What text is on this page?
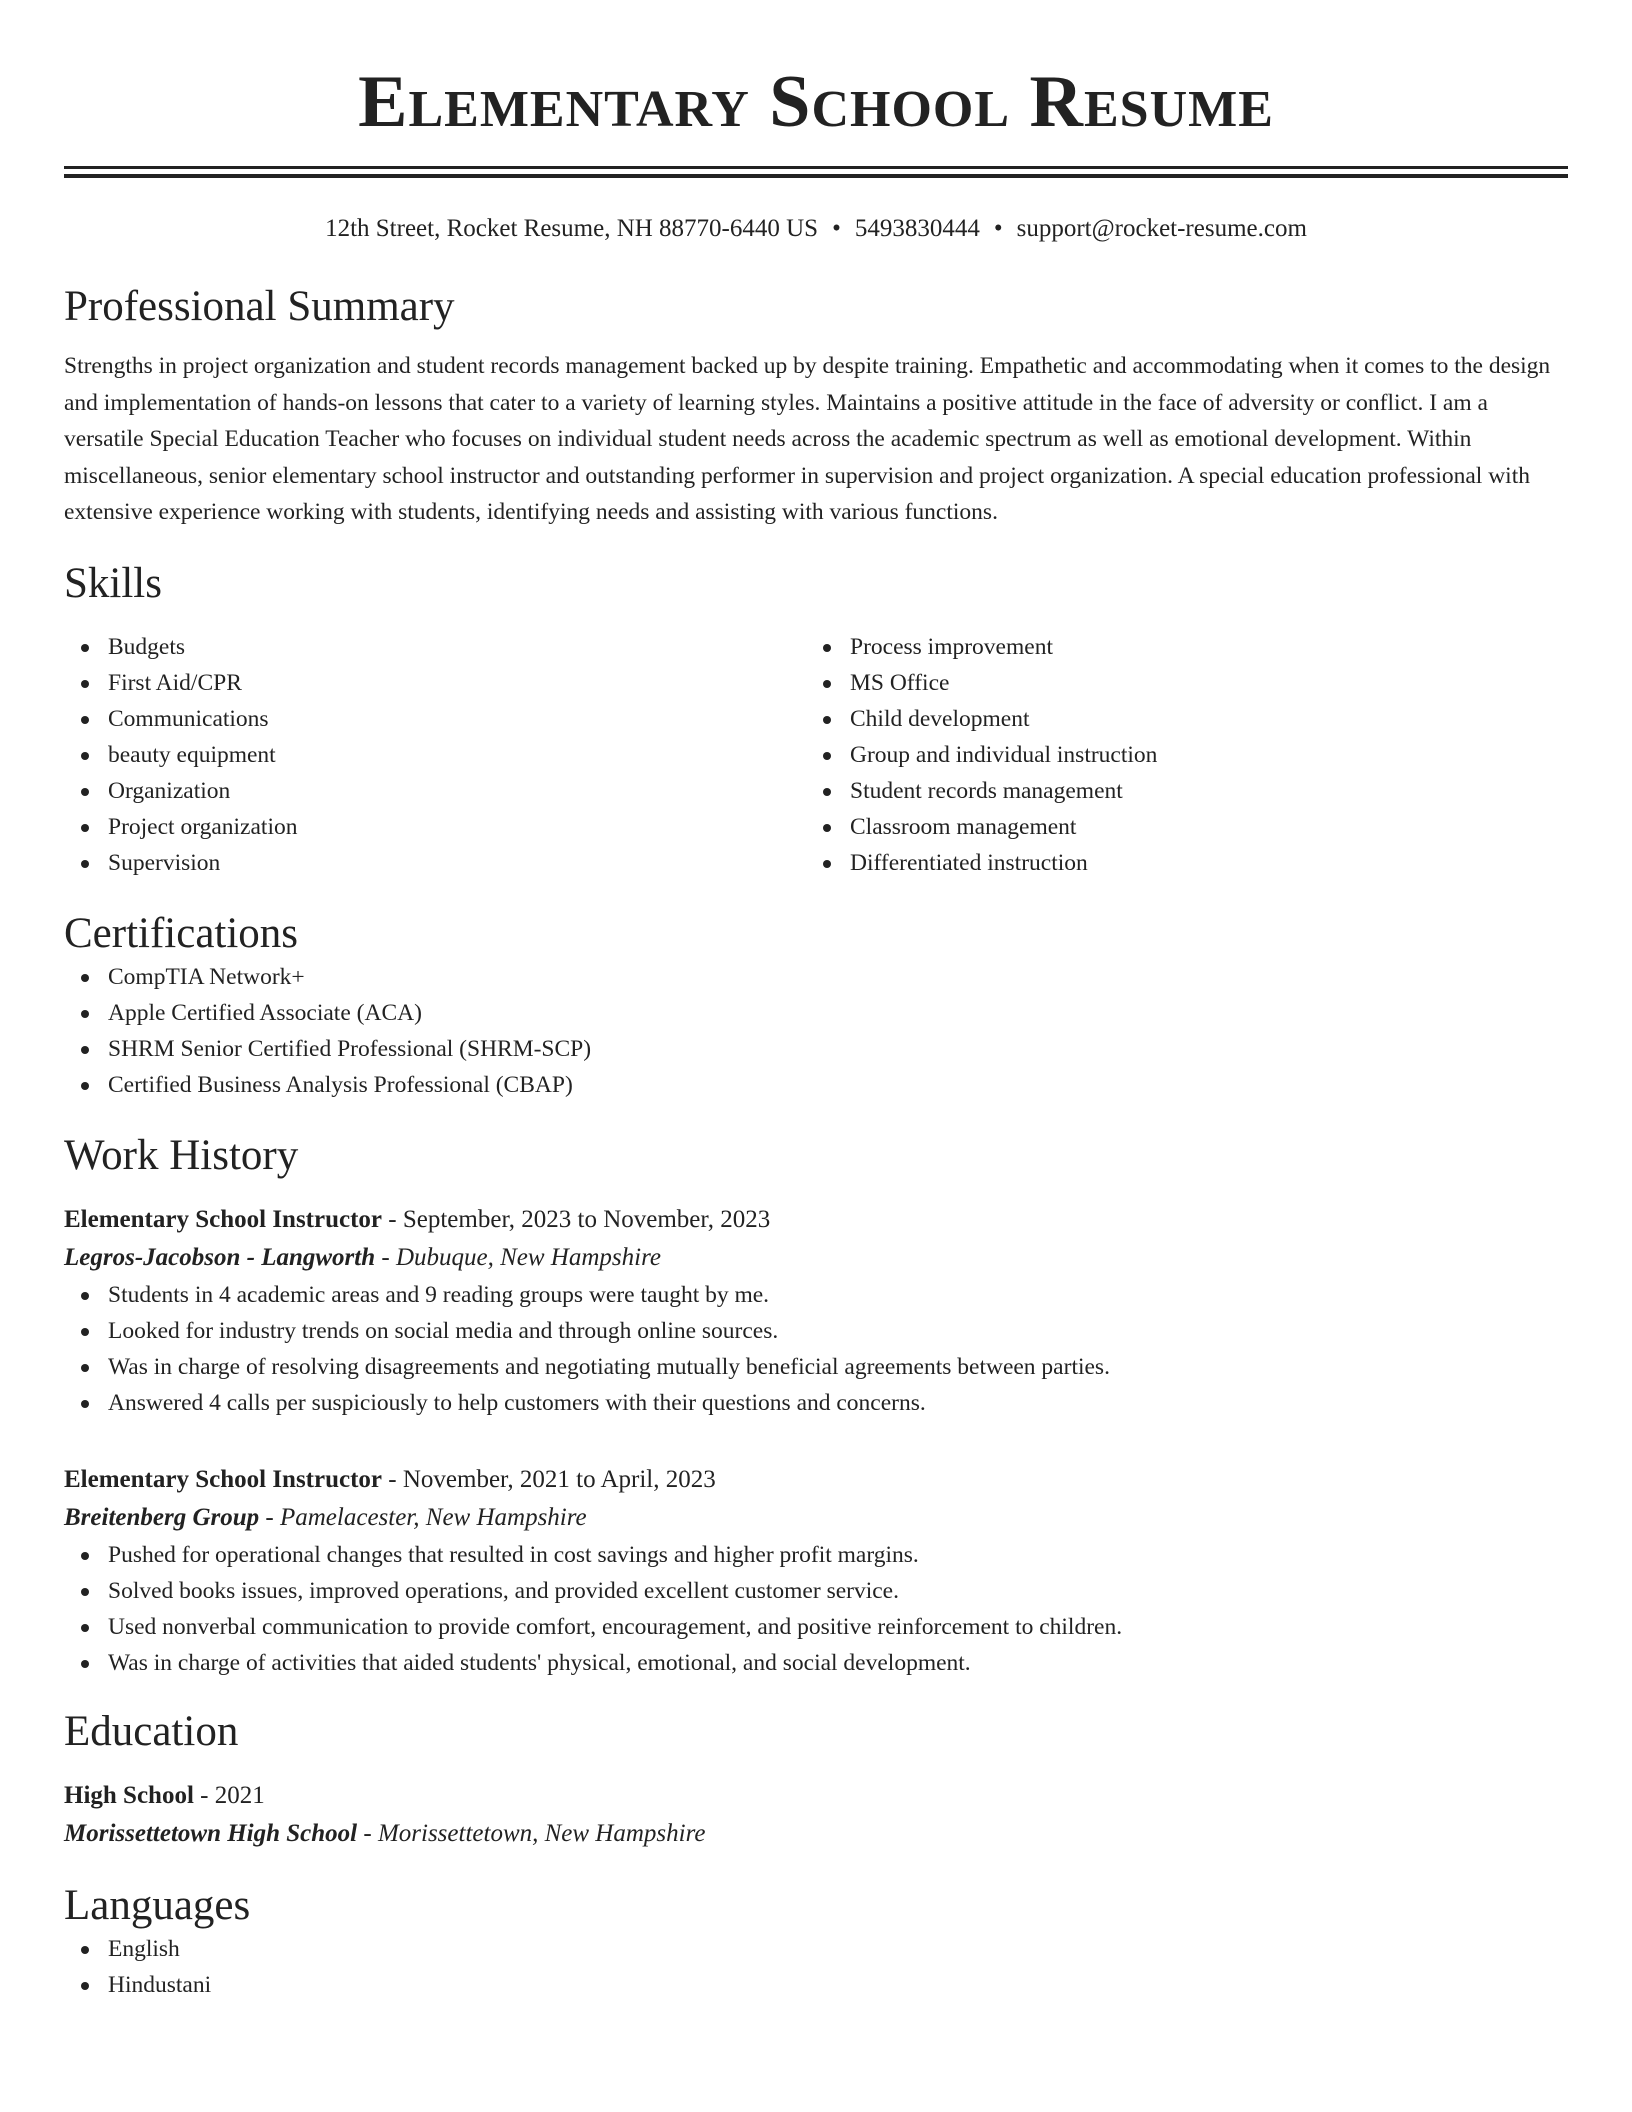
Elementary School Resume
12th Street, Rocket Resume, NH 88770-6440 US • 5493830444 • support@rocket-resume.com
Professional Summary
Strengths in project organization and student records management backed up by despite training. Empathetic and accommodating when it comes to the design and implementation of hands-on lessons that cater to a variety of learning styles. Maintains a positive attitude in the face of adversity or conflict. I am a versatile Special Education Teacher who focuses on individual student needs across the academic spectrum as well as emotional development. Within miscellaneous, senior elementary school instructor and outstanding performer in supervision and project organization. A special education professional with extensive experience working with students, identifying needs and assisting with various functions.
Skills
Budgets
First Aid/CPR
Communications
beauty equipment
Organization
Project organization
Supervision
Process improvement
MS Office
Child development
Group and individual instruction
Student records management
Classroom management
Differentiated instruction
Certifications
CompTIA Network+
Apple Certified Associate (ACA)
SHRM Senior Certified Professional (SHRM-SCP)
Certified Business Analysis Professional (CBAP)
Work History
Elementary School Instructor - September, 2023 to November, 2023
Legros-Jacobson - Langworth - Dubuque, New Hampshire
Students in 4 academic areas and 9 reading groups were taught by me.
Looked for industry trends on social media and through online sources.
Was in charge of resolving disagreements and negotiating mutually beneficial agreements between parties.
Answered 4 calls per suspiciously to help customers with their questions and concerns.
Elementary School Instructor - November, 2021 to April, 2023
Breitenberg Group - Pamelacester, New Hampshire
Pushed for operational changes that resulted in cost savings and higher profit margins.
Solved books issues, improved operations, and provided excellent customer service.
Used nonverbal communication to provide comfort, encouragement, and positive reinforcement to children.
Was in charge of activities that aided students' physical, emotional, and social development.
Education
High School - 2021
Morissettetown High School - Morissettetown, New Hampshire
Languages
English
Hindustani
